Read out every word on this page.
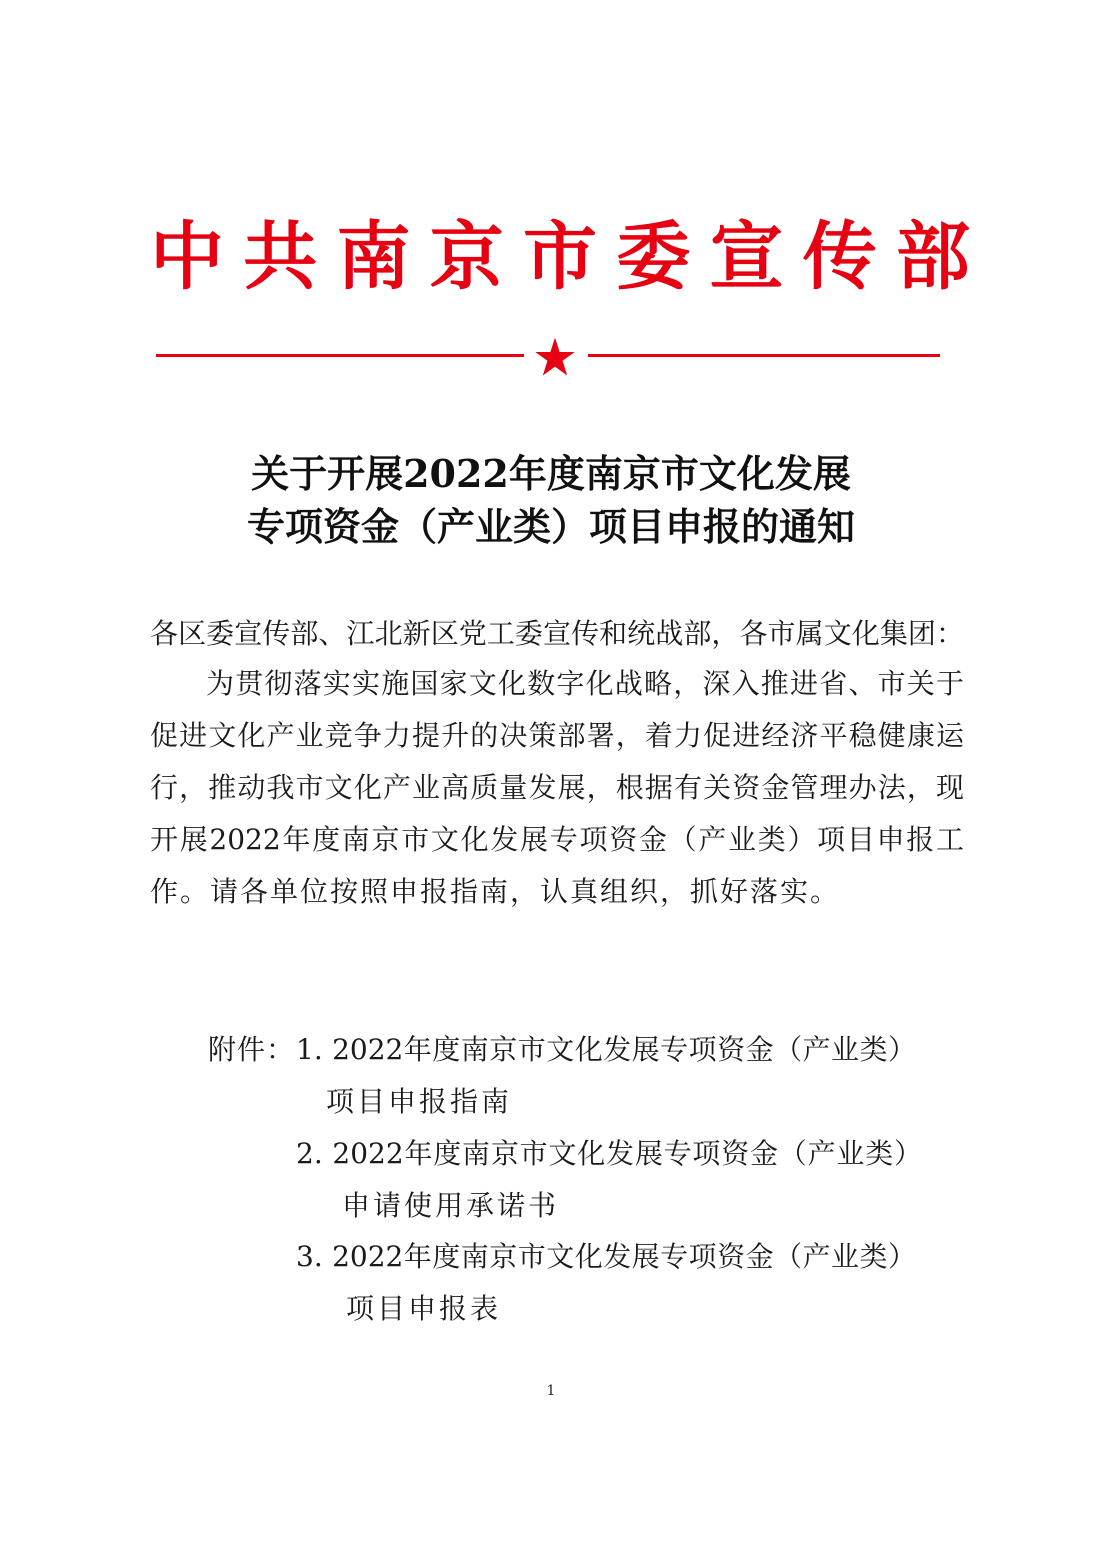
中 共 南 京 市 委 宣 传 部
关于开展2022年度南京市文化发展
专项资金（产业类）项目申报的通知
各区委宣传部、江北新区党工委宣传和统战部，各市属文化集团：
为贯彻落实实施国家文化数字化战略，深入推进省、市关于
促进文化产业竞争力提升的决策部署，着力促进经济平稳健康运
行，推动我市文化产业高质量发展，根据有关资金管理办法，现
开展2022年度南京市文化发展专项资金（产业类）项目申报工
作。请各单位按照申报指南，认真组织，抓好落实。
附件： 1. 2022年度南京市文化发展专项资金（产业类）
项目申报指南
2. 2022年度南京市文化发展专项资金（产业类）
申请使用承诺书
3. 2022年度南京市文化发展专项资金（产业类）
项目申报表
1
